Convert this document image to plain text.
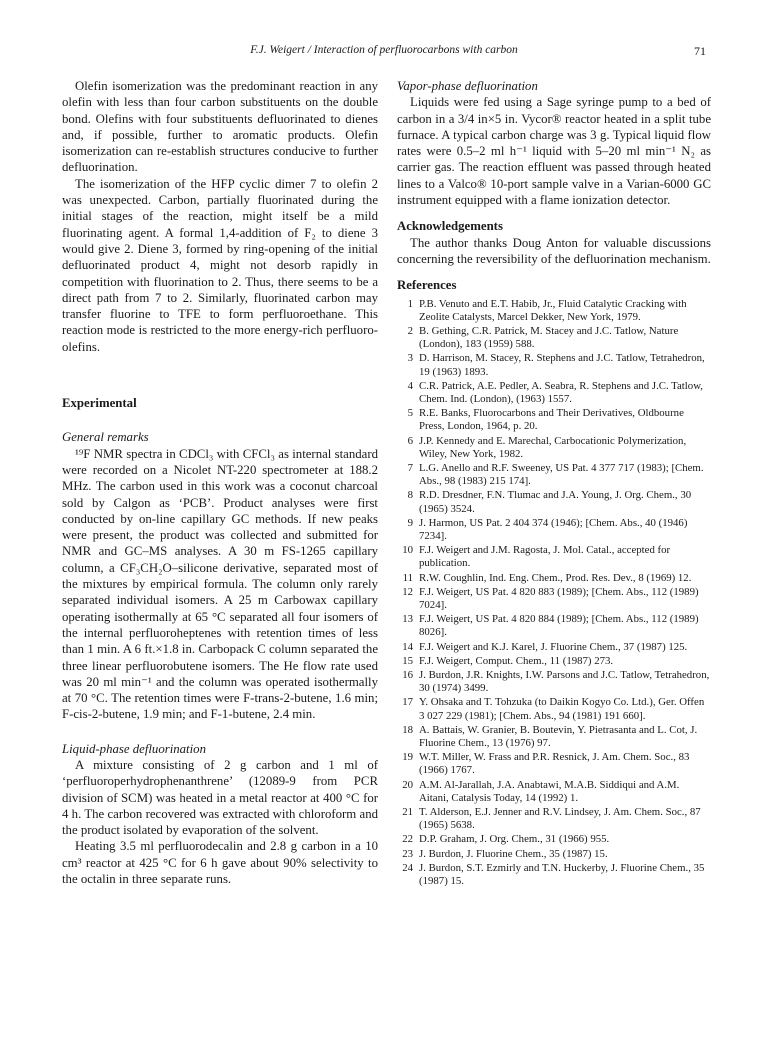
F.J. Weigert / Interaction of perfluorocarbons with carbon	71

Olefin isomerization was the predominant reaction in any olefin with less than four carbon substituents on the double bond. Olefins with four substituents defluorinated to dienes and, if possible, further to aromatic products. Olefin isomerization can re-establish structures conducive to further defluorination.

The isomerization of the HFP cyclic dimer 7 to olefin 2 was unexpected. Carbon, partially fluorinated during the initial stages of the reaction, might itself be a mild fluorinating agent. A formal 1,4-addition of F₂ to diene 3 would give 2. Diene 3, formed by ring-opening of the initial defluorinated product 4, might not desorb rapidly in competition with fluorination to 2. Thus, there seems to be a direct path from 7 to 2. Similarly, fluorinated carbon may transfer fluorine to TFE to form perfluoroethane. This reaction mode is restricted to the more energy-rich perfluoro-olefins.

Experimental
General remarks

¹⁹F NMR spectra in CDCl₃ with CFCl₃ as internal standard were recorded on a Nicolet NT-220 spectrometer at 188.2 MHz. The carbon used in this work was a coconut charcoal sold by Calgon as ‘PCB’. Product analyses were first conducted by on-line capillary GC methods. If new peaks were present, the product was collected and submitted for NMR and GC–MS analyses. A 30 m FS-1265 capillary column, a CF₃CH₂O–silicone derivative, separated most of the mixtures by empirical formula. The column only rarely separated individual isomers. A 25 m Carbowax capillary operating isothermally at 65 °C separated all four isomers of the internal perfluoroheptenes with retention times of less than 1 min. A 6 ft.×1.8 in. Carbopack C column separated the three linear perfluorobutene isomers. The He flow rate used was 20 ml min⁻¹ and the column was operated isothermally at 70 °C. The retention times were F-trans-2-butene, 1.6 min; F-cis-2-butene, 1.9 min; and F-1-butene, 2.4 min.

Liquid-phase defluorination

A mixture consisting of 2 g carbon and 1 ml of ‘perfluoroperhydrophenanthrene’ (12089-9 from PCR division of SCM) was heated in a metal reactor at 400 °C for 4 h. The carbon recovered was extracted with chloroform and the product isolated by evaporation of the solvent.

Heating 3.5 ml perfluorodecalin and 2.8 g carbon in a 10 cm³ reactor at 425 °C for 6 h gave about 90% selectivity to the octalin in three separate runs.

Vapor-phase defluorination

Liquids were fed using a Sage syringe pump to a bed of carbon in a 3/4 in×5 in. Vycor® reactor heated in a split tube furnace. A typical carbon charge was 3 g. Typical liquid flow rates were 0.5–2 ml h⁻¹ liquid with 5–20 ml min⁻¹ N₂ as carrier gas. The reaction effluent was passed through heated lines to a Valco® 10-port sample valve in a Varian-6000 GC instrument equipped with a flame ionization detector.

Acknowledgements

The author thanks Doug Anton for valuable discussions concerning the reversibility of the defluorination mechanism.

References
1 P.B. Venuto and E.T. Habib, Jr., Fluid Catalytic Cracking with Zeolite Catalysts, Marcel Dekker, New York, 1979.
2 B. Gething, C.R. Patrick, M. Stacey and J.C. Tatlow, Nature (London), 183 (1959) 588.
3 D. Harrison, M. Stacey, R. Stephens and J.C. Tatlow, Tetrahedron, 19 (1963) 1893.
4 C.R. Patrick, A.E. Pedler, A. Seabra, R. Stephens and J.C. Tatlow, Chem. Ind. (London), (1963) 1557.
5 R.E. Banks, Fluorocarbons and Their Derivatives, Oldbourne Press, London, 1964, p. 20.
6 J.P. Kennedy and E. Marechal, Carbocationic Polymerization, Wiley, New York, 1982.
7 L.G. Anello and R.F. Sweeney, US Pat. 4 377 717 (1983); [Chem. Abs., 98 (1983) 215 174].
8 R.D. Dresdner, F.N. Tlumac and J.A. Young, J. Org. Chem., 30 (1965) 3524.
9 J. Harmon, US Pat. 2 404 374 (1946); [Chem. Abs., 40 (1946) 7234].
10 F.J. Weigert and J.M. Ragosta, J. Mol. Catal., accepted for publication.
11 R.W. Coughlin, Ind. Eng. Chem., Prod. Res. Dev., 8 (1969) 12.
12 F.J. Weigert, US Pat. 4 820 883 (1989); [Chem. Abs., 112 (1989) 7024].
13 F.J. Weigert, US Pat. 4 820 884 (1989); [Chem. Abs., 112 (1989) 8026].
14 F.J. Weigert and K.J. Karel, J. Fluorine Chem., 37 (1987) 125.
15 F.J. Weigert, Comput. Chem., 11 (1987) 273.
16 J. Burdon, J.R. Knights, I.W. Parsons and J.C. Tatlow, Tetrahedron, 30 (1974) 3499.
17 Y. Ohsaka and T. Tohzuka (to Daikin Kogyo Co. Ltd.), Ger. Offen 3 027 229 (1981); [Chem. Abs., 94 (1981) 191 660].
18 A. Battais, W. Granier, B. Boutevin, Y. Pietrasanta and L. Cot, J. Fluorine Chem., 13 (1976) 97.
19 W.T. Miller, W. Frass and P.R. Resnick, J. Am. Chem. Soc., 83 (1966) 1767.
20 A.M. Al-Jarallah, J.A. Anabtawi, M.A.B. Siddiqui and A.M. Aitani, Catalysis Today, 14 (1992) 1.
21 T. Alderson, E.J. Jenner and R.V. Lindsey, J. Am. Chem. Soc., 87 (1965) 5638.
22 D.P. Graham, J. Org. Chem., 31 (1966) 955.
23 J. Burdon, J. Fluorine Chem., 35 (1987) 15.
24 J. Burdon, S.T. Ezmirly and T.N. Huckerby, J. Fluorine Chem., 35 (1987) 15.
